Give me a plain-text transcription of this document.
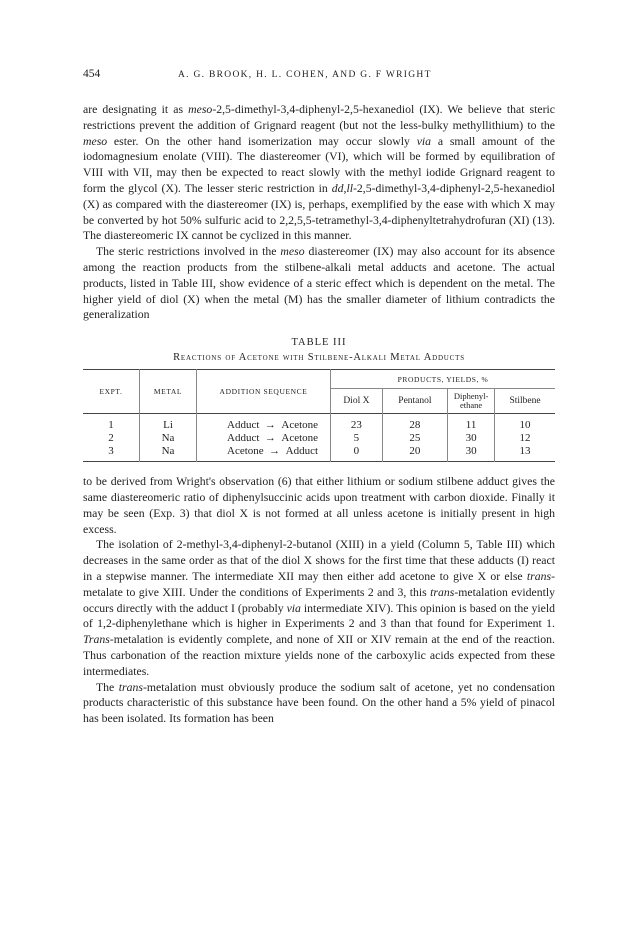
454	A. G. BROOK, H. L. COHEN, AND G. F WRIGHT

are designating it as meso-2,5-dimethyl-3,4-diphenyl-2,5-hexanediol (IX). We believe that steric restrictions prevent the addition of Grignard reagent (but not the less-bulky methyllithium) to the meso ester. On the other hand isomerization may occur slowly via a small amount of the iodomagnesium enolate (VIII). The diastereomer (VI), which will be formed by equilibration of VIII with VII, may then be expected to react slowly with the methyl iodide Grignard reagent to form the glycol (X). The lesser steric restriction in dd,ll-2,5-dimethyl-3,4-diphenyl-2,5-hexanediol (X) as compared with the diastereomer (IX) is, perhaps, exemplified by the ease with which X may be converted by hot 50% sulfuric acid to 2,2,5,5-tetramethyl-3,4-diphenyltetrahydrofuran (XI) (13). The diastereomeric IX cannot be cyclized in this manner.

The steric restrictions involved in the meso diastereomer (IX) may also account for its absence among the reaction products from the stilbene-alkali metal adducts and acetone. The actual products, listed in Table III, show evidence of a steric effect which is dependent on the metal. The higher yield of diol (X) when the metal (M) has the smaller diameter of lithium contradicts the generalization

TABLE III
Reactions of Acetone with Stilbene-Alkali Metal Adducts
EXPT.	METAL	ADDITION SEQUENCE	PRODUCTS, YIELDS, %			
			Diol X	Pentanol	Diphenyl- ethane	Stilbene
1	Li	Adduct → Acetone	23	28	11	10
2	Na	Adduct → Acetone	5	25	30	12
3	Na	Acetone → Adduct	0	20	30	13

to be derived from Wright's observation (6) that either lithium or sodium stilbene adduct gives the same diastereomeric ratio of diphenylsuccinic acids upon treatment with carbon dioxide. Finally it may be seen (Exp. 3) that diol X is not formed at all unless acetone is initially present in high excess.

The isolation of 2-methyl-3,4-diphenyl-2-butanol (XIII) in a yield (Column 5, Table III) which decreases in the same order as that of the diol X shows for the first time that these adducts (I) react in a stepwise manner. The intermediate XII may then either add acetone to give X or else trans-metalate to give XIII. Under the conditions of Experiments 2 and 3, this trans-metalation evidently occurs directly with the adduct I (probably via intermediate XIV). This opinion is based on the yield of 1,2-diphenylethane which is higher in Experiments 2 and 3 than that found for Experiment 1. Trans-metalation is evidently complete, and none of XII or XIV remain at the end of the reaction. Thus carbonation of the reaction mixture yields none of the carboxylic acids expected from these intermediates.

The trans-metalation must obviously produce the sodium salt of acetone, yet no condensation products characteristic of this substance have been found. On the other hand a 5% yield of pinacol has been isolated. Its formation has been
